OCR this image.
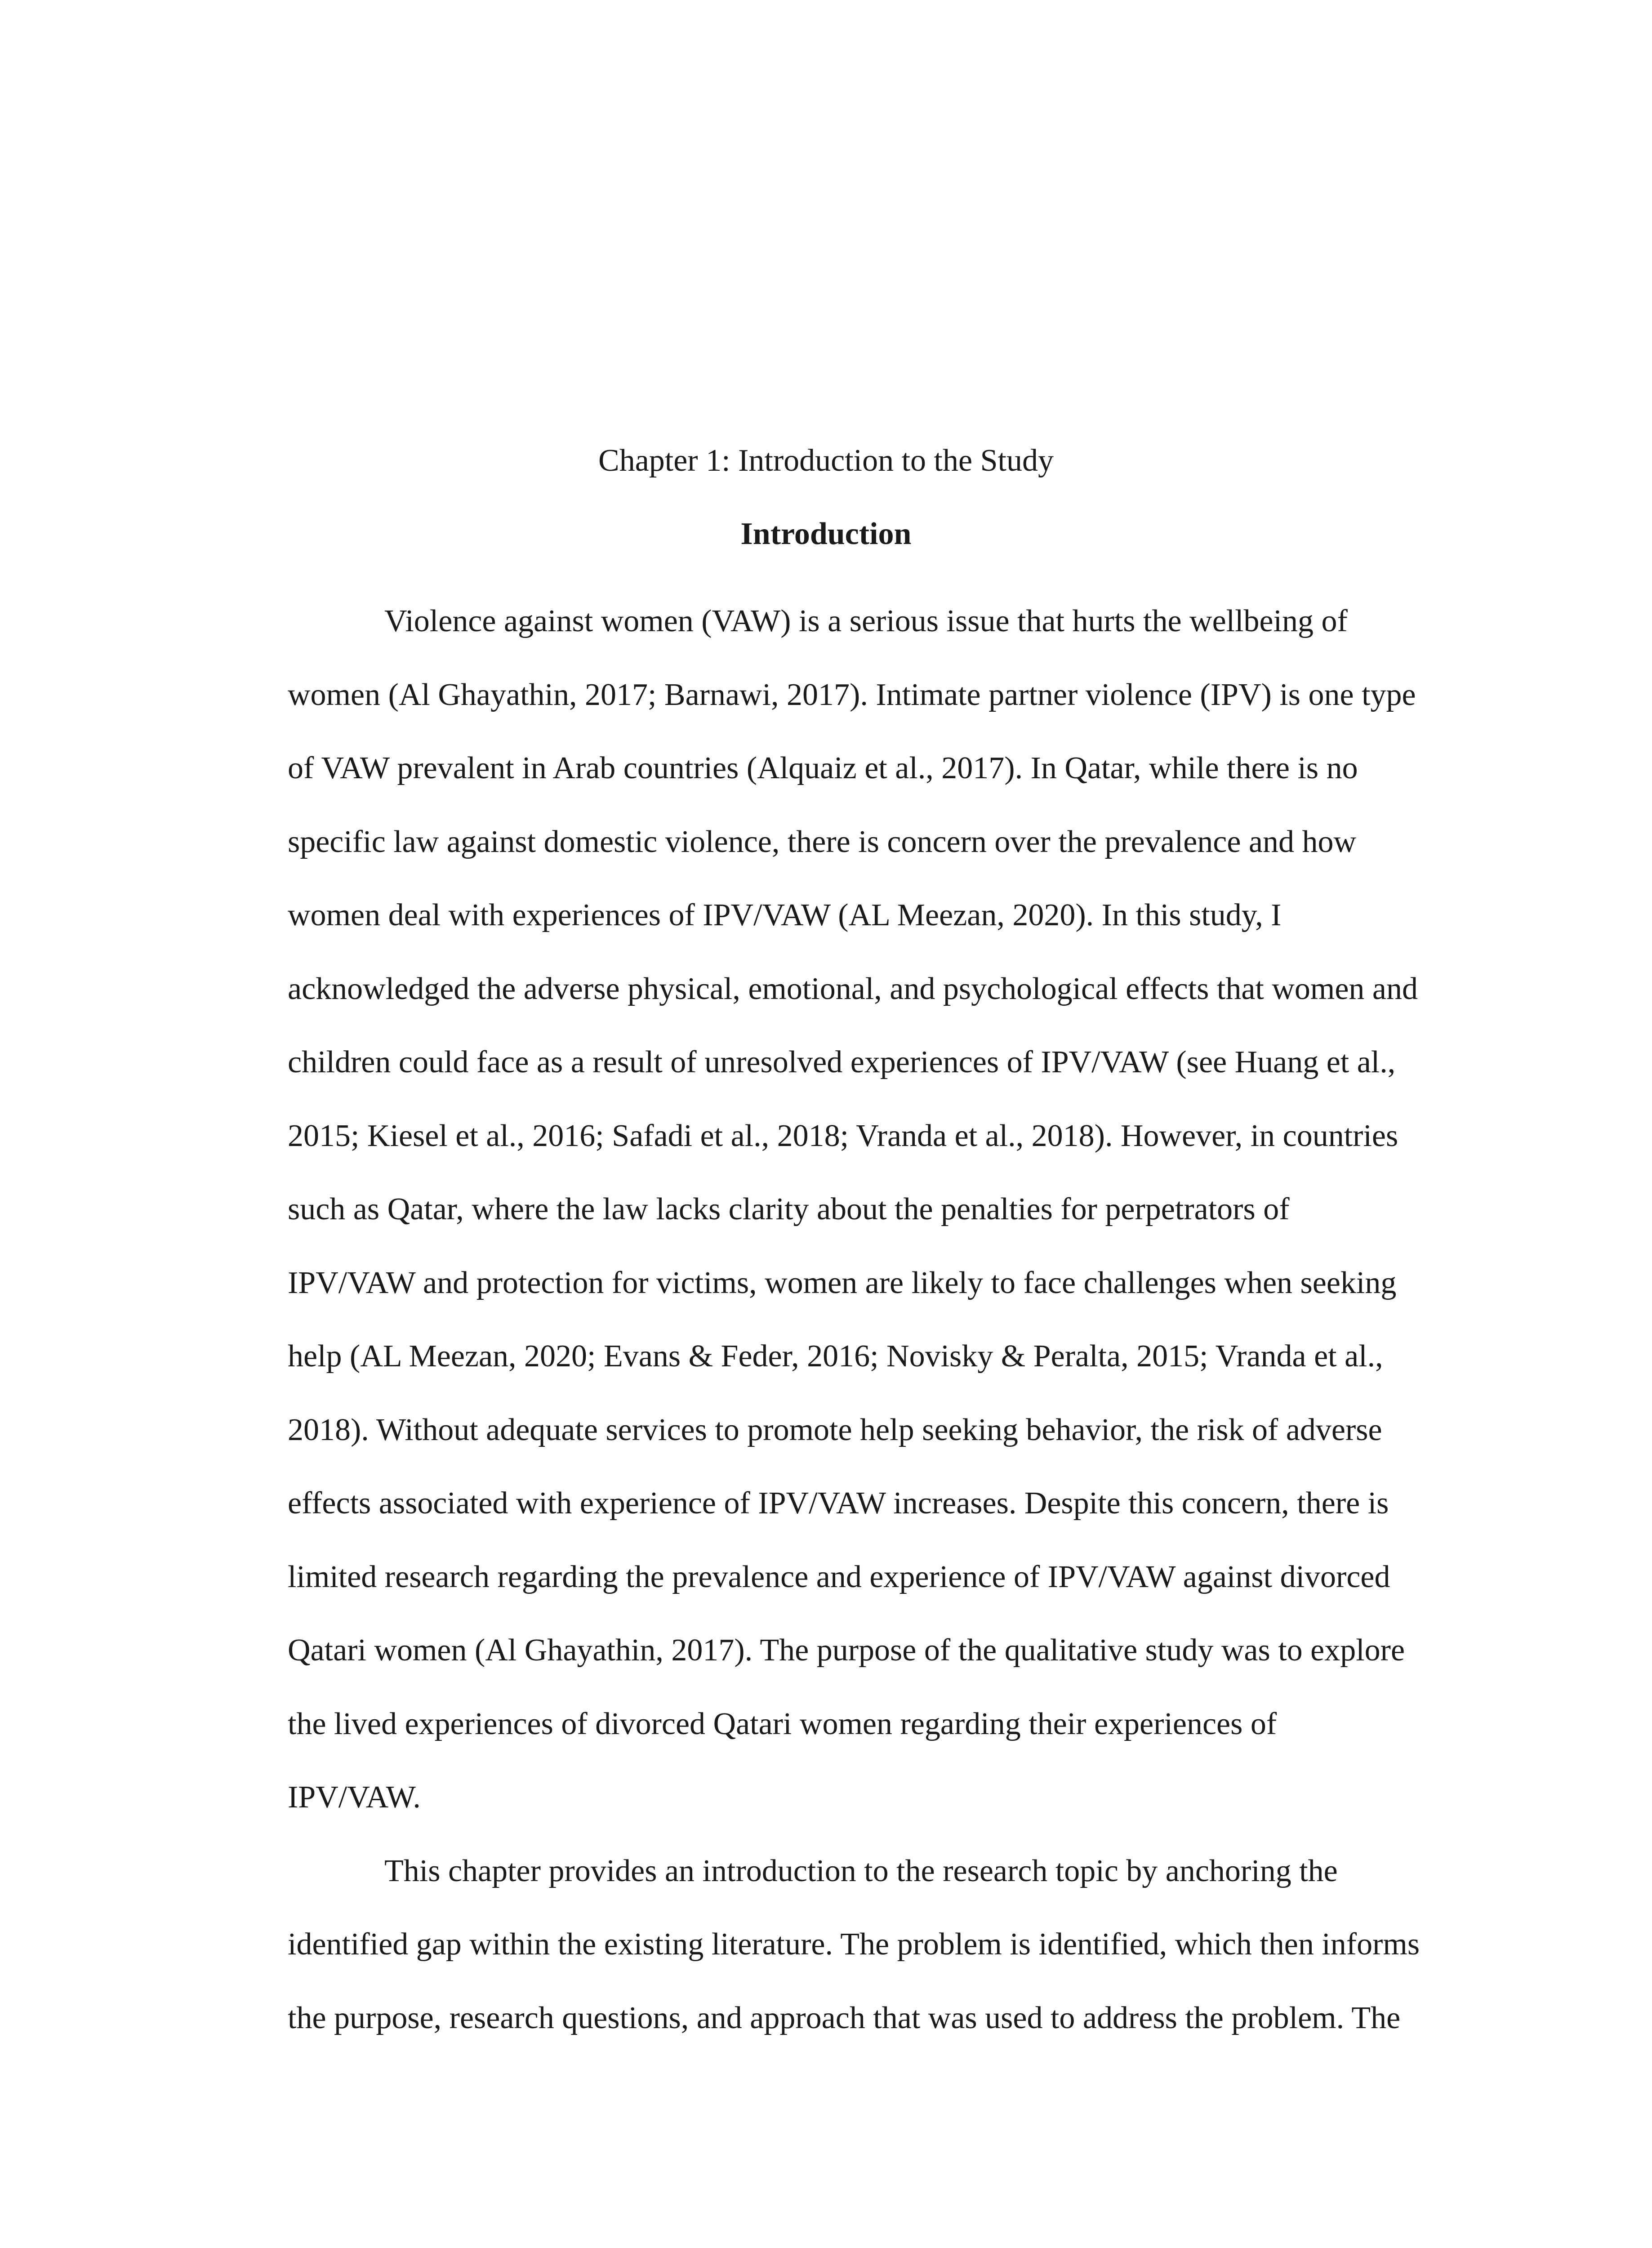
Chapter 1: Introduction to the Study
Introduction
Violence against women (VAW) is a serious issue that hurts the wellbeing of
women (Al Ghayathin, 2017; Barnawi, 2017). Intimate partner violence (IPV) is one type
of VAW prevalent in Arab countries (Alquaiz et al., 2017). In Qatar, while there is no
specific law against domestic violence, there is concern over the prevalence and how
women deal with experiences of IPV/VAW (AL Meezan, 2020). In this study, I
acknowledged the adverse physical, emotional, and psychological effects that women and
children could face as a result of unresolved experiences of IPV/VAW (see Huang et al.,
2015; Kiesel et al., 2016; Safadi et al., 2018; Vranda et al., 2018). However, in countries
such as Qatar, where the law lacks clarity about the penalties for perpetrators of
IPV/VAW and protection for victims, women are likely to face challenges when seeking
help (AL Meezan, 2020; Evans & Feder, 2016; Novisky & Peralta, 2015; Vranda et al.,
2018). Without adequate services to promote help seeking behavior, the risk of adverse
effects associated with experience of IPV/VAW increases. Despite this concern, there is
limited research regarding the prevalence and experience of IPV/VAW against divorced
Qatari women (Al Ghayathin, 2017). The purpose of the qualitative study was to explore
the lived experiences of divorced Qatari women regarding their experiences of
IPV/VAW.
This chapter provides an introduction to the research topic by anchoring the
identified gap within the existing literature. The problem is identified, which then informs
the purpose, research questions, and approach that was used to address the problem. The
